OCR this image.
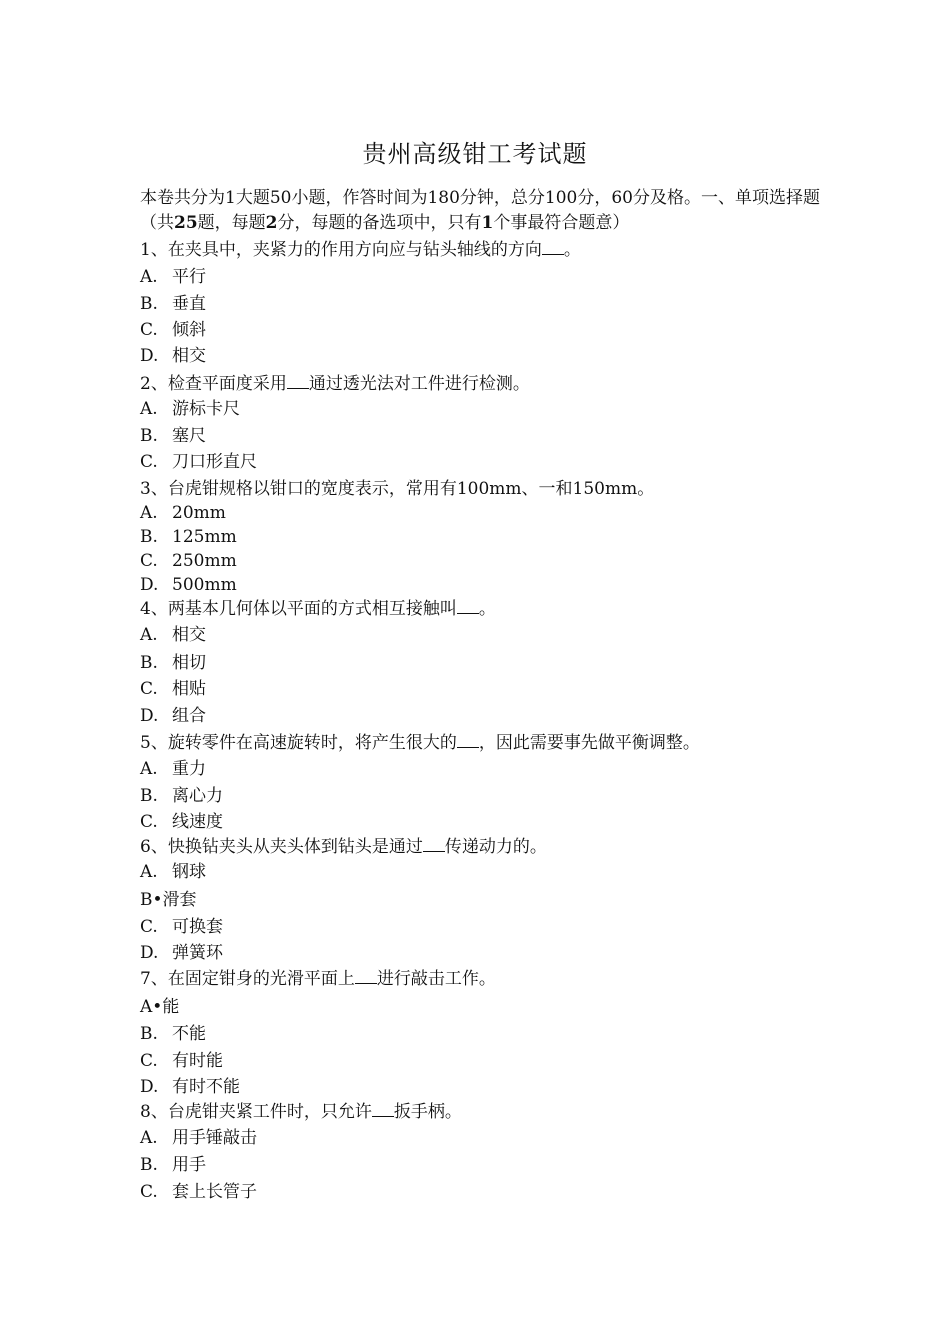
贵州高级钳工考试题
本卷共分为1大题50小题，作答时间为180分钟，总分100分，60分及格。一、单项选择题（共25题，每题2分，每题的备选项中，只有1个事最符合题意）
1、在夹具中，夹紧力的作用方向应与钻头轴线的方向 。
A. 平行
B. 垂直
C. 倾斜
D. 相交
2、检查平面度采用 通过透光法对工件进行检测。
A. 游标卡尺
B. 塞尺
C. 刀口形直尺
3、台虎钳规格以钳口的宽度表示，常用有100mm、一和150mm。
A. 20mm
B. 125mm
C. 250mm
D. 500mm
4、两基本几何体以平面的方式相互接触叫 。
A. 相交
B. 相切
C. 相贴
D. 组合
5、旋转零件在高速旋转时，将产生很大的 ，因此需要事先做平衡调整。
A. 重力
B. 离心力
C. 线速度
6、快换钻夹头从夹头体到钻头是通过 传递动力的。
A. 钢球
B•滑套
C. 可换套
D. 弹簧环
7、在固定钳身的光滑平面上 进行敲击工作。
A•能
B. 不能
C. 有时能
D. 有时不能
8、台虎钳夹紧工件时，只允许 扳手柄。
A. 用手锤敲击
B. 用手
C. 套上长管子
